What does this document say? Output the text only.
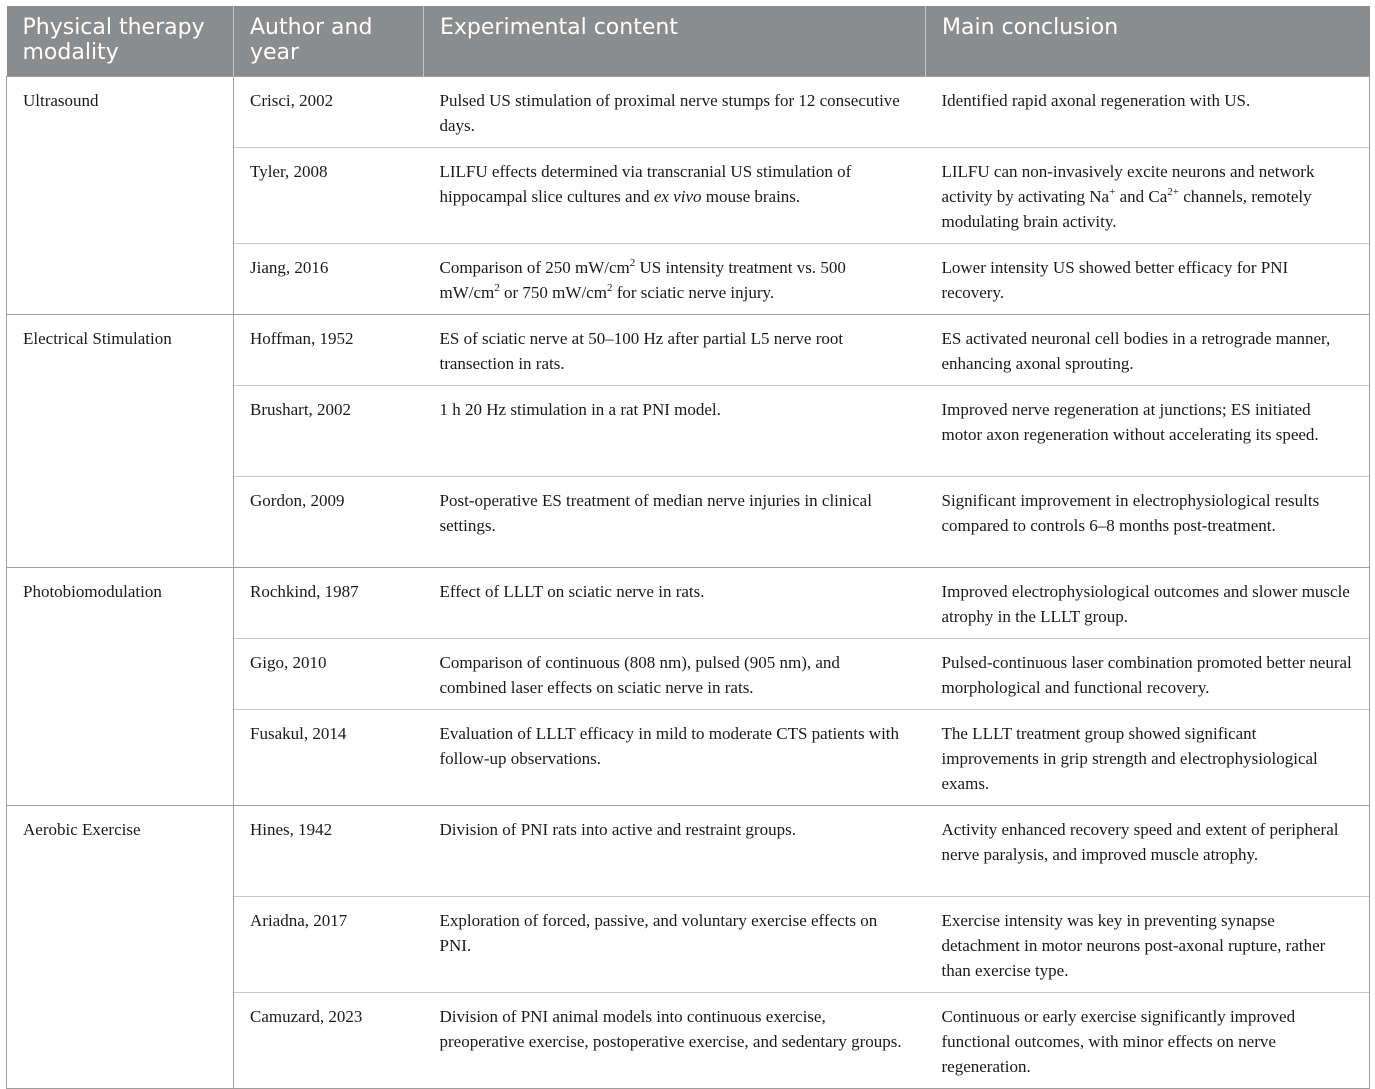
Physical therapy modality	Author and year	Experimental content	Main conclusion
Ultrasound	Crisci, 2002	Pulsed US stimulation of proximal nerve stumps for 12 consecutive days.	Identified rapid axonal regeneration with US.
	Tyler, 2008	LILFU effects determined via transcranial US stimulation of hippocampal slice cultures and ex vivo mouse brains.	LILFU can non-invasively excite neurons and network activity by activating Na+ and $Ca^{2+}$ channels, remotely modulating brain activity.
	Jiang, 2016	Comparison of 250 $mW/cm^2$ US intensity treatment vs. 500 $mW/cm^2$ or 750 $mW/cm^2$ for sciatic nerve injury.	Lower intensity US showed better efficacy for PNI recovery.
Electrical Stimulation	Hoffman, 1952	ES of sciatic nerve at 50–100 Hz after partial L5 nerve root transection in rats.	ES activated neuronal cell bodies in a retrograde manner, enhancing axonal sprouting.
	Brushart, 2002	1 h 20 Hz stimulation in a rat PNI model.	Improved nerve regeneration at junctions; ES initiated motor axon regeneration without accelerating its speed.
	Gordon, 2009	Post-operative ES treatment of median nerve injuries in clinical settings.	Significant improvement in electrophysiological results compared to controls 6–8 months post-treatment.
Photobiomodulation	Rochkind, 1987	Effect of LLLT on sciatic nerve in rats.	Improved electrophysiological outcomes and slower muscle atrophy in the LLLT group.
	Gigo, 2010	Comparison of continuous (808 nm), pulsed (905 nm), and combined laser effects on sciatic nerve in rats.	Pulsed-continuous laser combination promoted better neural morphological and functional recovery.
	Fusakul, 2014	Evaluation of LLLT efficacy in mild to moderate CTS patients with follow-up observations.	The LLLT treatment group showed significant improvements in grip strength and electrophysiological exams.
Aerobic Exercise	Hines, 1942	Division of PNI rats into active and restraint groups.	Activity enhanced recovery speed and extent of peripheral nerve paralysis, and improved muscle atrophy.
	Ariadna, 2017	Exploration of forced, passive, and voluntary exercise effects on PNI.	Exercise intensity was key in preventing synapse detachment in motor neurons post-axonal rupture, rather than exercise type.
	Camuzard, 2023	Division of PNI animal models into continuous exercise, preoperative exercise, postoperative exercise, and sedentary groups.	Continuous or early exercise significantly improved functional outcomes, with minor effects on nerve regeneration.
